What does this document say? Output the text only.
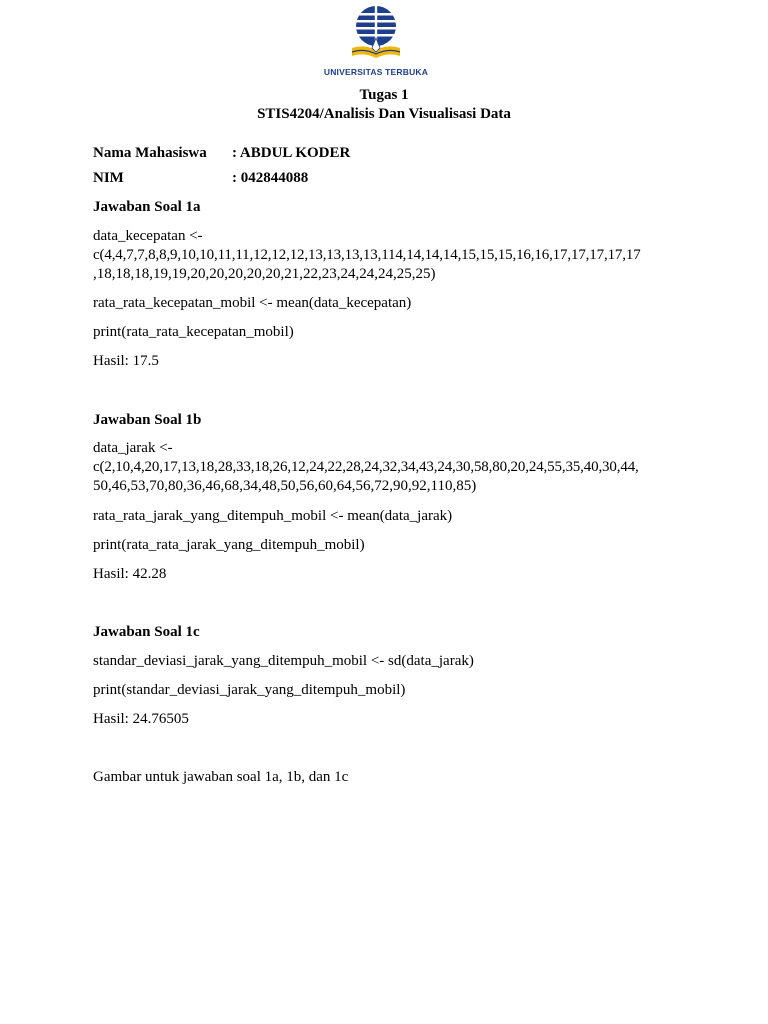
UNIVERSITAS TERBUKA
Tugas 1
STIS4204/Analisis Dan Visualisasi Data
Nama Mahasiswa : ABDUL KODER
NIM	: 042844088
Jawaban Soal 1a
data_kecepatan <-
c(4,4,7,7,8,8,9,10,10,11,11,12,12,12,13,13,13,13,114,14,14,14,15,15,15,16,16,17,17,17,17,17
,18,18,18,19,19,20,20,20,20,20,21,22,23,24,24,24,25,25)
rata_rata_kecepatan_mobil <- mean(data_kecepatan)
print(rata_rata_kecepatan_mobil)
Hasil: 17.5
Jawaban Soal 1b
data_jarak <-
c(2,10,4,20,17,13,18,28,33,18,26,12,24,22,28,24,32,34,43,24,30,58,80,20,24,55,35,40,30,44,
50,46,53,70,80,36,46,68,34,48,50,56,60,64,56,72,90,92,110,85)
rata_rata_jarak_yang_ditempuh_mobil <- mean(data_jarak)
print(rata_rata_jarak_yang_ditempuh_mobil)
Hasil: 42.28
Jawaban Soal 1c
standar_deviasi_jarak_yang_ditempuh_mobil <- sd(data_jarak)
print(standar_deviasi_jarak_yang_ditempuh_mobil)
Hasil: 24.76505
Gambar untuk jawaban soal 1a, 1b, dan 1c
